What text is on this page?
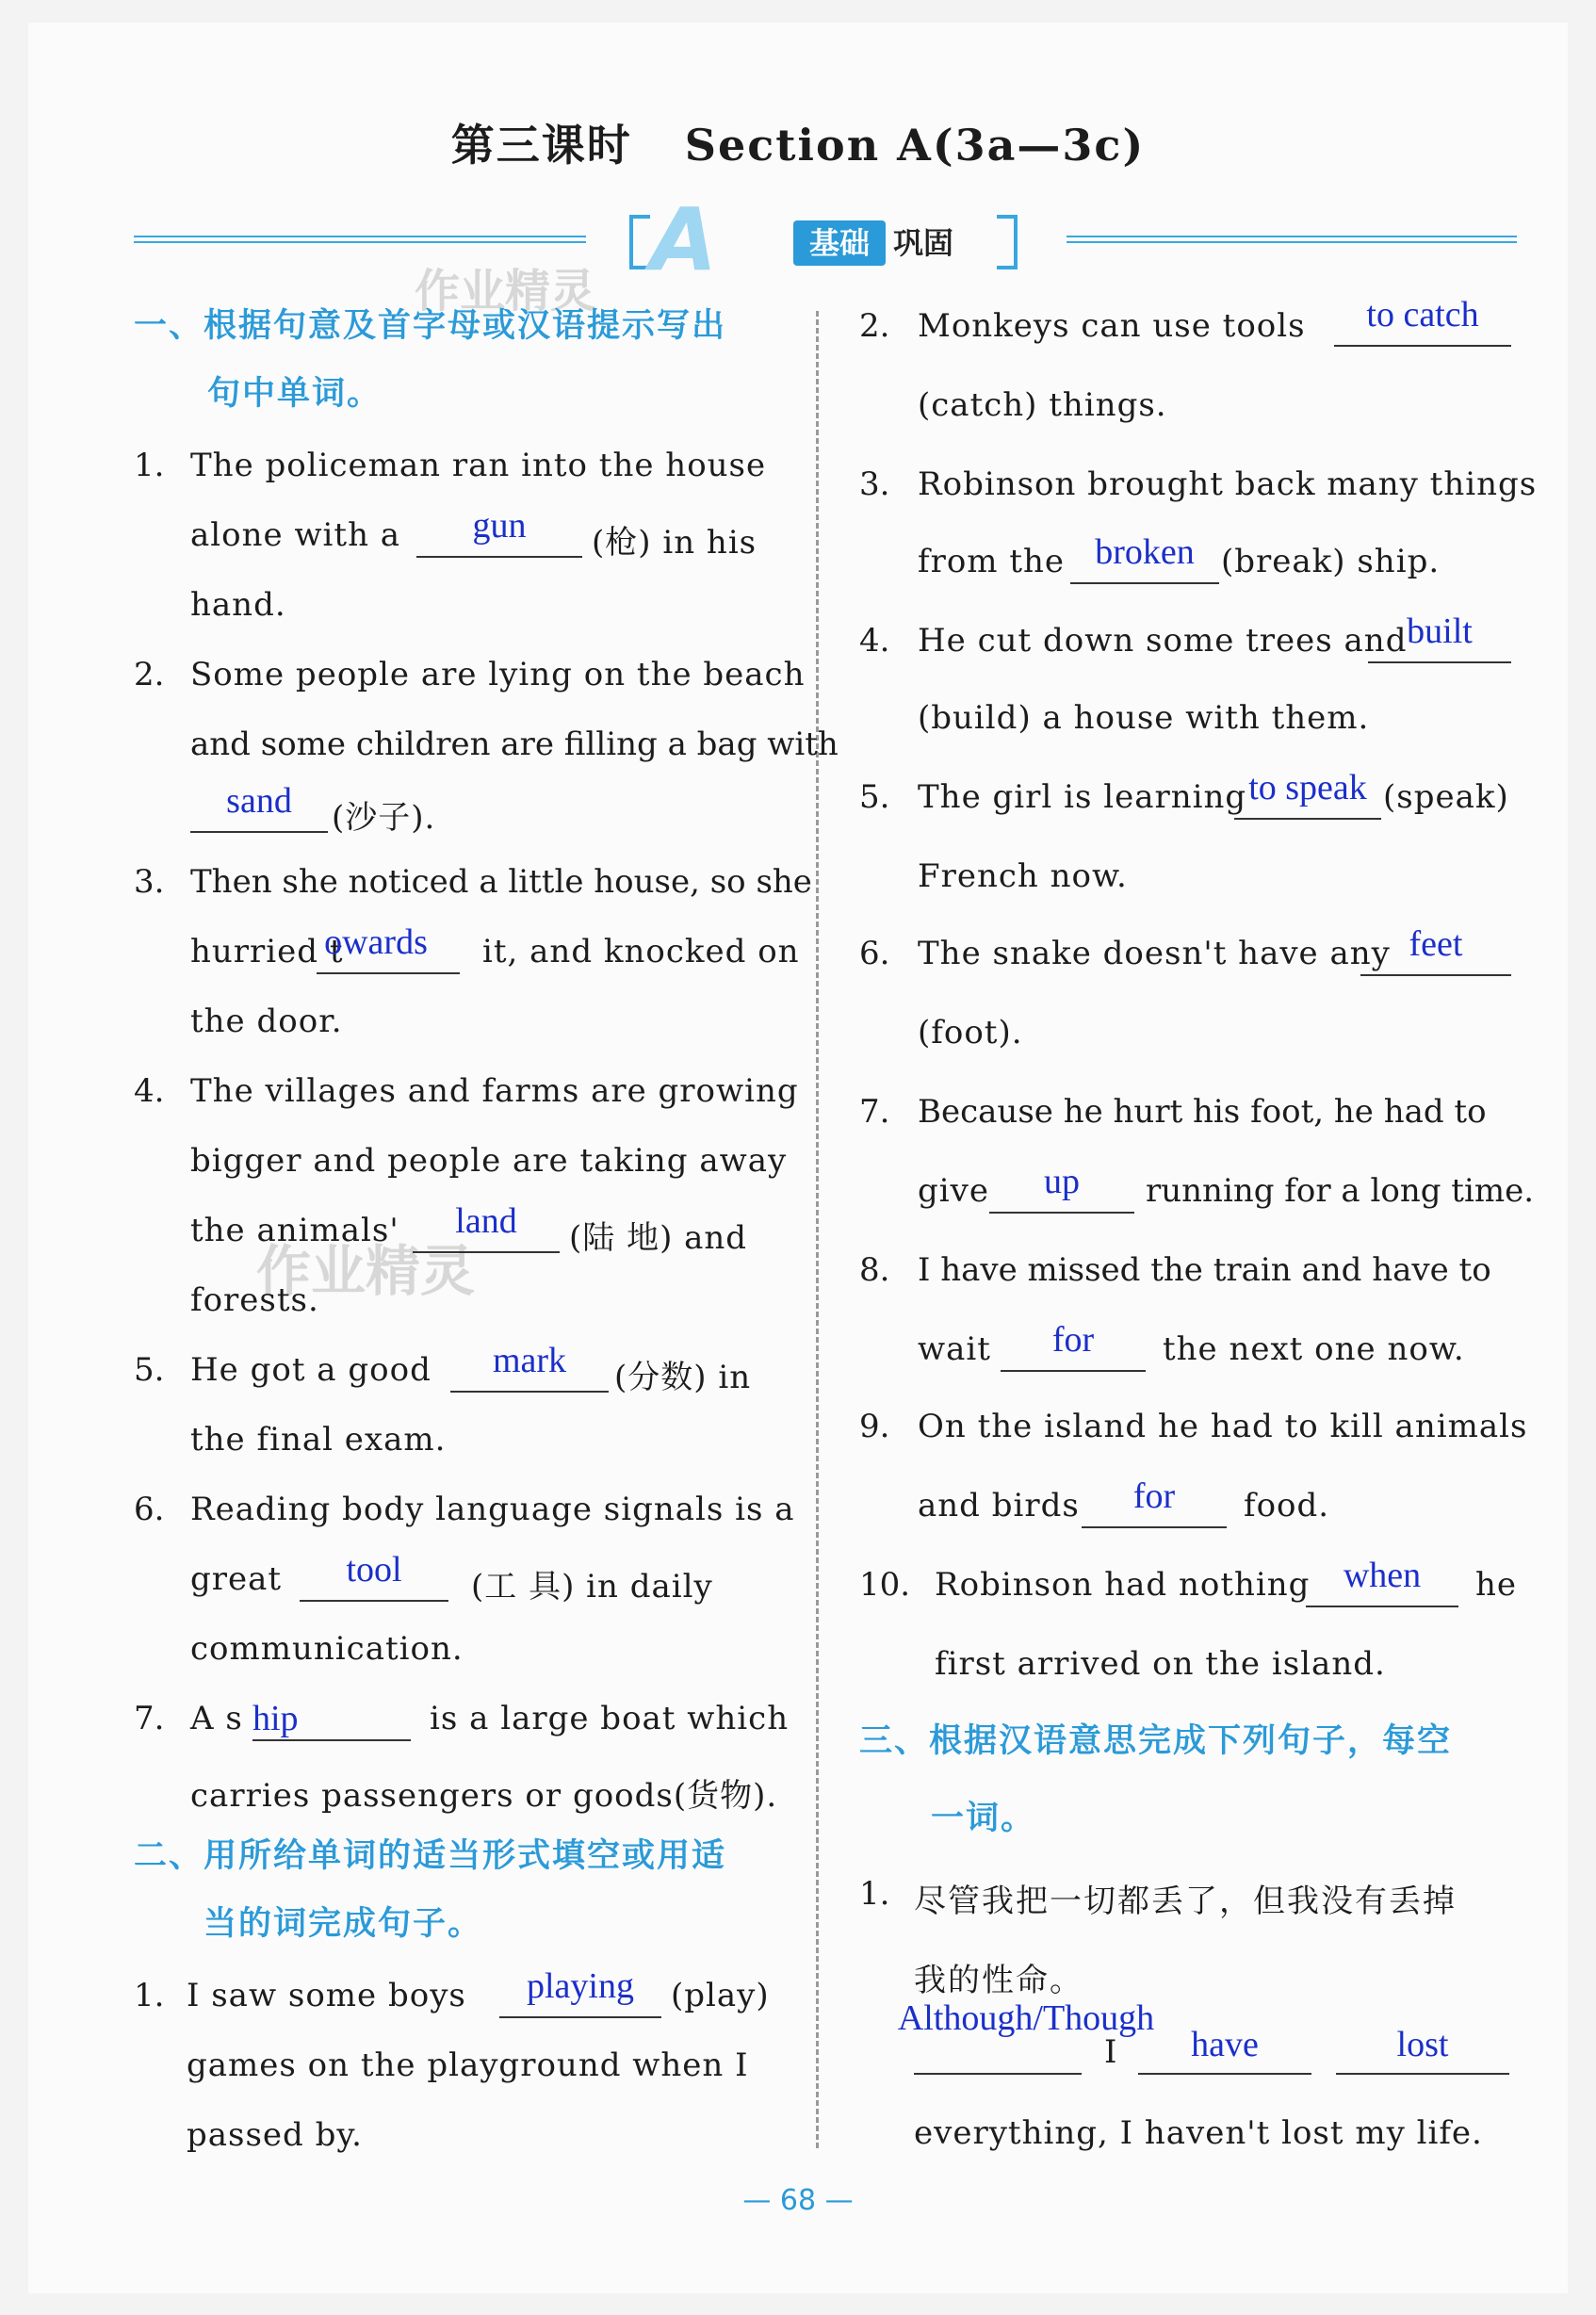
第三课时 Section A(3a—3c)
A	基础 巩固
作业精灵
作业精灵
一、根据句意及首字母或汉语提示写出
句中单词。
1. The policeman ran into the house
alone with a	gun	(枪) in his
hand.
2. Some people are lying on the beach
and some children are filling a bag with
sand	(沙子).
3. Then she noticed a little house, so she
hurried t
owards it, and knocked on
the door.
4. The villages and farms are growing
bigger and people are taking away
the animals'	land	(陆 地) and
forests.
5. He got a good	mark	(分数) in
the final exam.
6. Reading body language signals is a
great	tool	(工 具) in daily
communication.
7. A s hip	is a large boat which
carries passengers or goods(货物).
二、用所给单词的适当形式填空或用适
当的词完成句子。
1. I saw some boys	playing	(play)
games on the playground when I
passed by.
2. Monkeys can use tools	to catch
(catch) things.
3. Robinson brought back many things
from the broken (break) ship.
4. He cut down some trees and built
(build) a house with them.
5. The girl is learning to speak (speak)
French now.
6. The snake doesn't have any feet
(foot).
7. Because he hurt his foot, he had to
give	up	running for a long time.
8. I have missed the train and have to
wait	for	the next one now.
9. On the island he had to kill animals
and birds	for	food.
10. Robinson had nothing when	he
first arrived on the island.
三、根据汉语意思完成下列句子，每空
一词。
1. 尽管我把一切都丢了，但我没有丢掉
我的性命。
Although/Though
I	have	lost
everything, I haven't lost my life.
— 68 —
